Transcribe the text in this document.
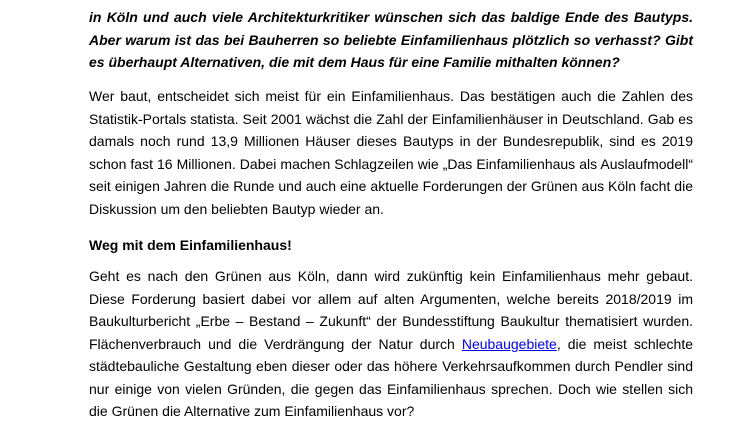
in Köln und auch viele Architekturkritiker wünschen sich das baldige Ende des Bautyps. Aber warum ist das bei Bauherren so beliebte Einfamilienhaus plötzlich so verhasst? Gibt es überhaupt Alternativen, die mit dem Haus für eine Familie mithalten können?

Wer baut, entscheidet sich meist für ein Einfamilienhaus. Das bestätigen auch die Zahlen des Statistik-Portals statista. Seit 2001 wächst die Zahl der Einfamilienhäuser in Deutschland. Gab es damals noch rund 13,9 Millionen Häuser dieses Bautyps in der Bundesrepublik, sind es 2019 schon fast 16 Millionen. Dabei machen Schlagzeilen wie „Das Einfamilienhaus als Auslaufmodell“ seit einigen Jahren die Runde und auch eine aktuelle Forderungen der Grünen aus Köln facht die Diskussion um den beliebten Bautyp wieder an.

Weg mit dem Einfamilienhaus!

Geht es nach den Grünen aus Köln, dann wird zukünftig kein Einfamilienhaus mehr gebaut. Diese Forderung basiert dabei vor allem auf alten Argumenten, welche bereits 2018/2019 im Baukulturbericht „Erbe – Bestand – Zukunft“ der Bundesstiftung Baukultur thematisiert wurden. Flächenverbrauch und die Verdrängung der Natur durch Neubaugebiete, die meist schlechte städtebauliche Gestaltung eben dieser oder das höhere Verkehrsaufkommen durch Pendler sind nur einige von vielen Gründen, die gegen das Einfamilienhaus sprechen. Doch wie stellen sich die Grünen die Alternative zum Einfamilienhaus vor?
